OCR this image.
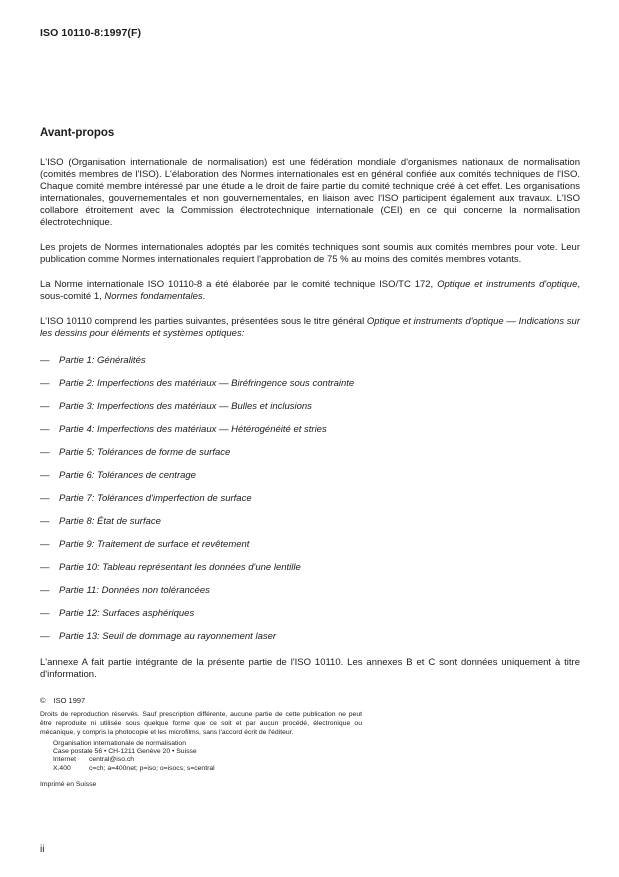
ISO 10110-8:1997(F)
Avant-propos

L'ISO (Organisation internationale de normalisation) est une fédération mondiale d'organismes nationaux de normalisation (comités membres de l'ISO). L'élaboration des Normes internationales est en général confiée aux comités techniques de l'ISO. Chaque comité membre intéressé par une étude a le droit de faire partie du comité technique créé à cet effet. Les organisations internationales, gouvernementales et non gouvernementales, en liaison avec l'ISO participent également aux travaux. L'ISO collabore étroitement avec la Commission électrotechnique internationale (CEI) en ce qui concerne la normalisation électrotechnique.

Les projets de Normes internationales adoptés par les comités techniques sont soumis aux comités membres pour vote. Leur publication comme Normes internationales requiert l'approbation de 75 % au moins des comités membres votants.

La Norme internationale ISO 10110-8 a été élaborée par le comité technique ISO/TC 172, Optique et instruments d'optique, sous-comité 1, Normes fondamentales.

L'ISO 10110 comprend les parties suivantes, présentées sous le titre général Optique et instruments d'optique — Indications sur les dessins pour éléments et systèmes optiques:

—	Partie 1: Généralités
—	Partie 2: Imperfections des matériaux — Biréfringence sous contrainte
—	Partie 3: Imperfections des matériaux — Bulles et inclusions
—	Partie 4: Imperfections des matériaux — Hétérogénéité et stries
—	Partie 5: Tolérances de forme de surface
—	Partie 6: Tolérances de centrage
—	Partie 7: Tolérances d'imperfection de surface
—	Partie 8: État de surface
—	Partie 9: Traitement de surface et revêtement
—	Partie 10: Tableau représentant les données d'une lentille
—	Partie 11: Données non tolérancées
—	Partie 12: Surfaces asphériques
—	Partie 13: Seuil de dommage au rayonnement laser

L'annexe A fait partie intégrante de la présente partie de l'ISO 10110. Les annexes B et C sont données uniquement à titre d'information.

© ISO 1997
Droits de reproduction réservés. Sauf prescription différente, aucune partie de cette publication ne peut être reproduite ni utilisée sous quelque forme que ce soit et par aucun procédé, électronique ou mécanique, y compris la photocopie et les microfilms, sans l'accord écrit de l'éditeur.
Organisation internationale de normalisation
Case postale 56 • CH-1211 Genève 20 • Suisse
Internet central@iso.ch
X.400	c=ch; a=400net; p=iso; o=isocs; s=central
Imprimé en Suisse
ii
